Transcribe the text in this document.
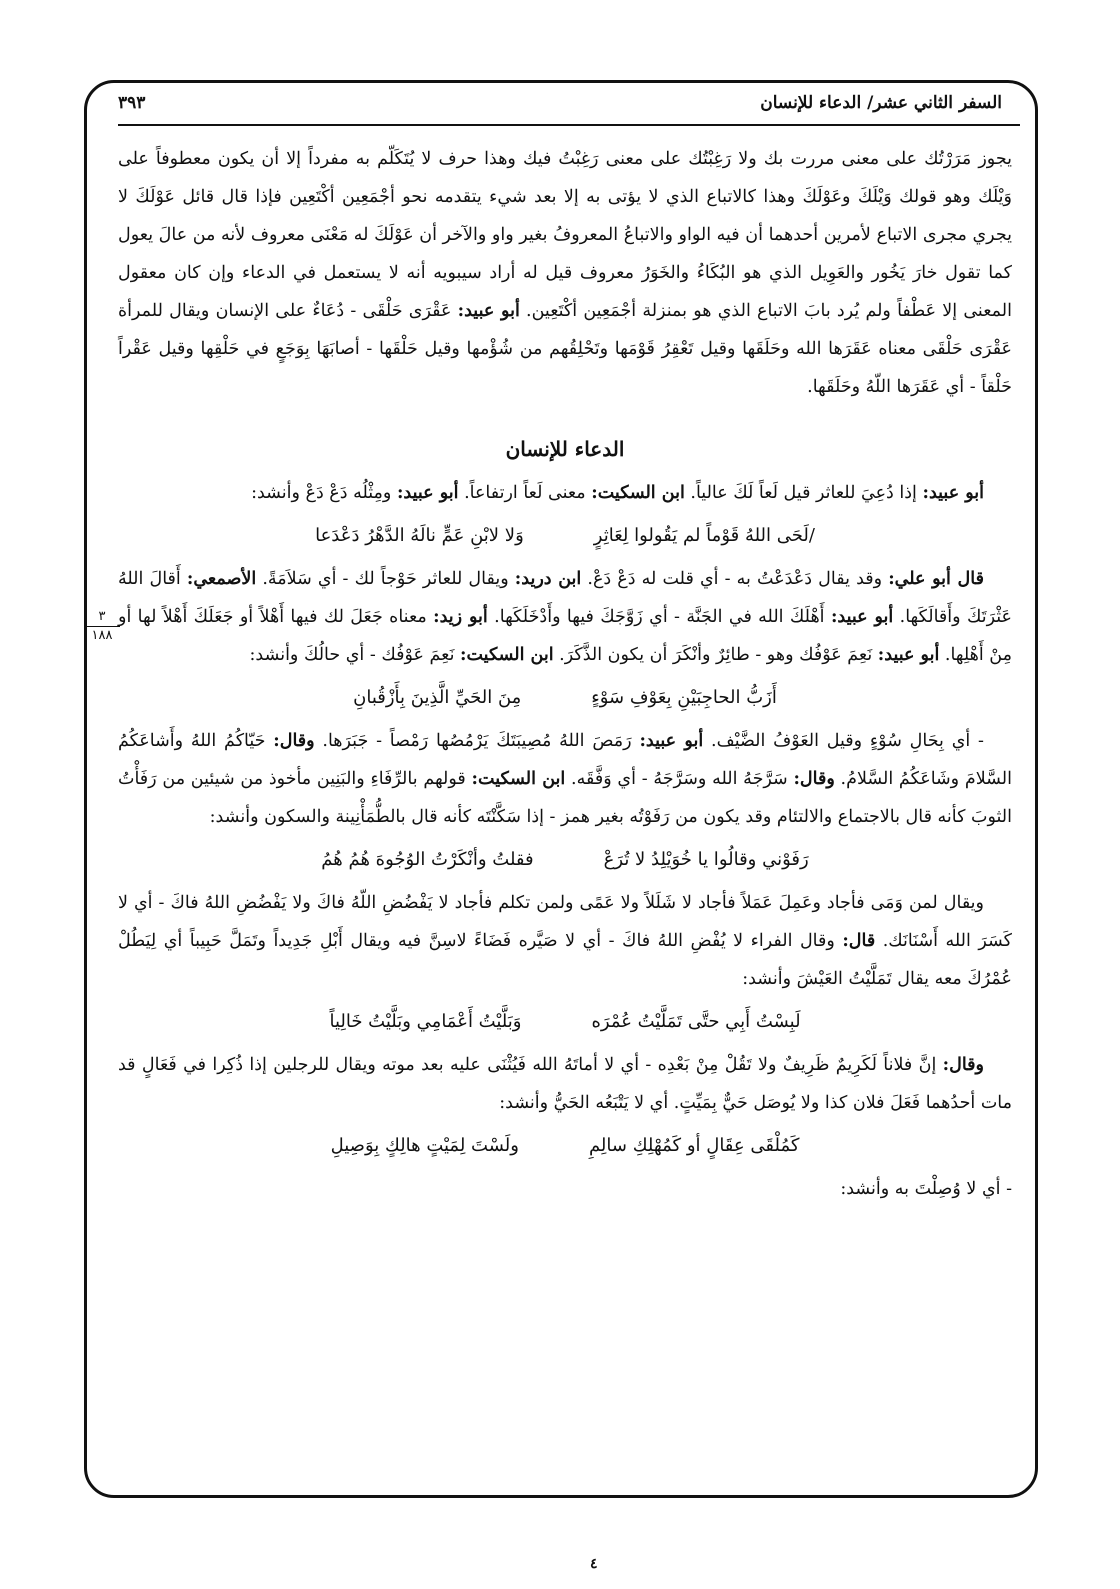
السفر الثاني عشر/ الدعاء للإنسان
٣٩٣
٣
١٨٨

يجوز مَرَرْتُك على معنى مررت بك ولا رَغِبْتُك على معنى رَغِبْتُ فيك وهذا حرف لا يُتَكَلّم به مفرداً إلا أن يكون معطوفاً على وَيْلَك وهو قولك وَيْلَكَ وعَوْلَكَ وهذا كالاتباع الذي لا يؤتى به إلا بعد شيء يتقدمه نحو أجْمَعِين أكْتَعِين فإذا قال قائل عَوْلَكَ لا يجري مجرى الاتباع لأمرين أحدهما أن فيه الواو والاتباعُ المعروفُ بغير واو والآخر أن عَوْلَكَ له مَعْنَى معروف لأنه من عالَ يعول كما تقول خارَ يَخُور والعَوِيل الذي هو البُكَاءُ والخَوَرُ معروف قيل له أراد سيبويه أنه لا يستعمل في الدعاء وإن كان معقول المعنى إلا عَطْفاً ولم يُرد بابَ الاتباع الذي هو بمنزلة أجْمَعِين أكْتَعِين. أبو عبيد: عَقْرَى حَلْقَى - دُعَاءٌ على الإنسان ويقال للمرأة عَقْرَى حَلْقَى معناه عَقَرَها الله وحَلَقَها وقيل تَعْقِرُ قَوْمَها وتَحْلِقُهم من شُؤْمها وقيل حَلْقَها - أصابَهَا بِوَجَعٍ في حَلْقِها وقيل عَقْراً حَلْقاً - أي عَقَرَها اللّهُ وحَلَقَها.

الدعاء للإنسان

أبو عبيد: إذا دُعِيَ للعاثر قيل لَعاً لَكَ عالياً. ابن السكيت: معنى لَعاً ارتفاعاً. أبو عبيد: ومِثْلُه دَعْ دَعْ وأنشد:

/لَحَى اللهُ قَوْماً لم يَقُولوا لِعَاثِرٍ
وَلا لابْنِ عَمٍّ نالَهُ الدَّهْرُ دَعْدَعا

قال أبو علي: وقد يقال دَعْدَعْتُ به - أي قلت له دَعْ دَعْ. ابن دريد: ويقال للعاثر حَوْجاً لك - أي سَلاَمَةً. الأصمعي: أَقالَ اللهُ عَثْرَتَكَ وأَقالَكَها. أبو عبيد: أَهْلَكَ الله في الجَنَّة - أي زَوَّجَكَ فيها وأَدْخَلَكَها. أبو زيد: معناه جَعَلَ لك فيها أَهْلاً أو جَعَلَكَ أَهْلاً لها أو مِنْ أَهْلِها. أبو عبيد: نَعِمَ عَوْفُك وهو - طائِرٌ وأنْكَرَ أن يكون الذَّكَرَ. ابن السكيت: نَعِمَ عَوْفُك - أي حالُكَ وأنشد:

أَزَبُّ الحاجِبَيْنِ بِعَوْفِ سَوْءٍ
مِنَ الحَيِّ الَّذِينَ بِأَزْقُبانِ

- أي بِحَالِ سُوْءٍ وقيل العَوْفُ الضَّيْف. أبو عبيد: رَمَصَ اللهُ مُصِيبَتَكَ يَرْمُصُها رَمْصاً - جَبَرَها. وقال: حَيّاكُمُ اللهُ وأَشاعَكُمُ السَّلامَ وشَاعَكُمُ السَّلامُ. وقال: سَرَّجَهُ الله وسَرَّجَهُ - أي وَفَّقَه. ابن السكيت: قولهم بالرِّفَاءِ والبَنِين مأخوذ من شيئين من رَفَأْتُ الثوبَ كأنه قال بالاجتماع والالتئام وقد يكون من رَفَوْتُه بغير همز - إذا سَكَّنْتَه كأنه قال بالطُّمَأْنِينة والسكون وأنشد:

رَفَوْني وقالُوا يا خُوَيْلِدُ لا تُرَعْ
فقلتُ وأنْكَرْتُ الوُجُوهَ هُمُ هُمُ

ويقال لمن وَمَى فأجاد وعَمِلَ عَمَلاً فأجاد لا شَلَلاً ولا عَمًى ولمن تكلم فأجاد لا يَفْضُضِ اللّهُ فاكَ ولا يَفْضُضِ اللهُ فاكَ - أي لا كَسَرَ الله أَسْنَانَك. قال: وقال الفراء لا يُفْضِ اللهُ فاكَ - أي لا صَيَّره فَضَاءً لاسِنَّ فيه ويقال أَبْلِ جَدِيداً وتَمَلَّ حَبِيباً أي لِيَطُلْ عُمْرُكَ معه يقال تَمَلَّيْتُ العَيْشَ وأنشد:

لَبِسْتُ أَبِي حتَّى تَمَلَّيْتُ عُمْرَه
وَبَلَّيْتُ أَعْمَامِي وبَلَّيْتُ خَالِياً

وقال: إنَّ فلاناً لَكَرِيمٌ ظَرِيفٌ ولا تَقُلْ مِنْ بَعْدِه - أي لا أماتَهُ الله فَيُثْنَى عليه بعد موته ويقال للرجلين إذا ذُكِرا في فَعَالٍ قد مات أحدُهما فَعَلَ فلان كذا ولا يُوصَل حَيٌّ بِمَيِّتٍ. أي لا يَتْبَعُه الحَيُّ وأنشد:

كَمُلْقَى عِقَالٍ أو كَمُهْلِكِ سالِمِ
ولَسْتَ لِمَيْتٍ هالِكٍ بِوَصِيلِ

- أي لا وُصِلْتَ به وأنشد:

٤
